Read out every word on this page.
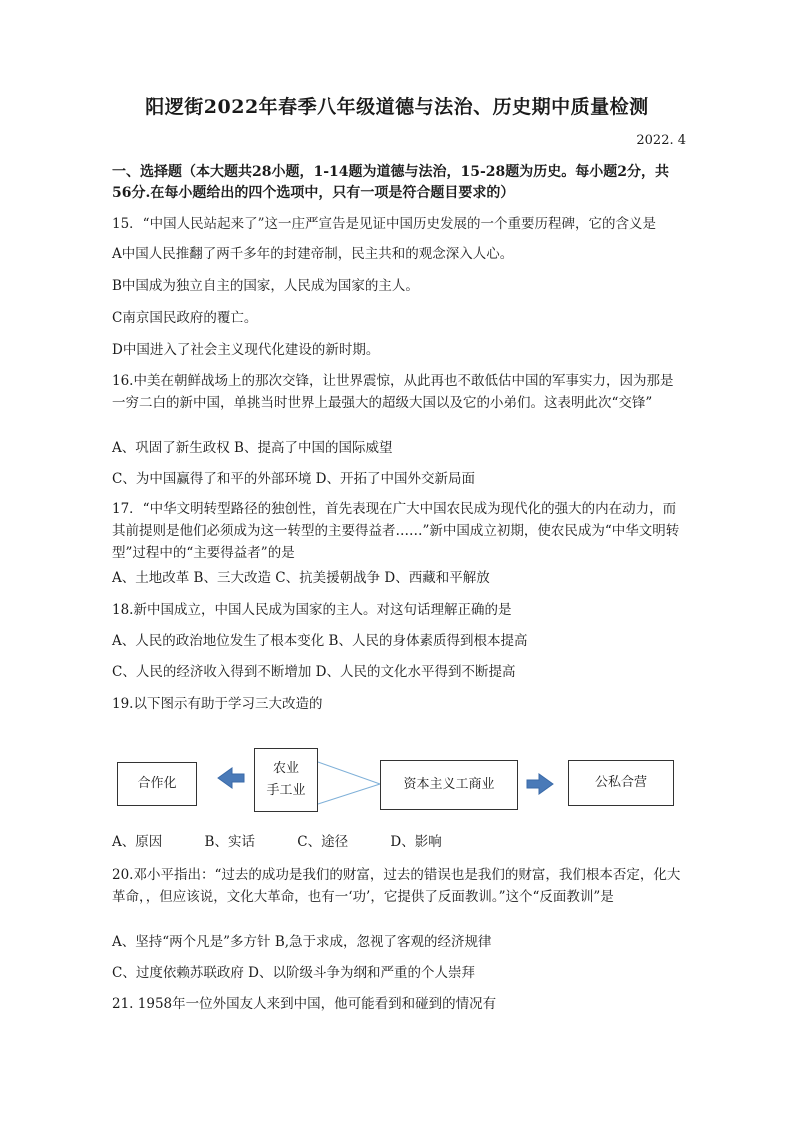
阳逻街2022年春季八年级道德与法治、历史期中质量检测
2022. 4
一、选择题（本大题共28小题，1-14题为道德与法治，15-28题为历史。每小题2分，共56分.在每小题给出的四个选项中，只有一项是符合题目要求的）
15．“中国人民站起来了”这一庄严宣告是见证中国历史发展的一个重要历程碑，它的含义是
A中国人民推翻了两千多年的封建帝制，民主共和的观念深入人心。
B中国成为独立自主的国家，人民成为国家的主人。
C南京国民政府的覆亡。
D中国进入了社会主义现代化建设的新时期。
16.中美在朝鲜战场上的那次交锋，让世界震惊，从此再也不敢低估中国的军事实力，因为那是一穷二白的新中国，单挑当时世界上最强大的超级大国以及它的小弟们。这表明此次“交锋”
A、巩固了新生政权 B、提高了中国的国际威望
C、为中国赢得了和平的外部环境 D、开拓了中国外交新局面
17．“中华文明转型路径的独创性，首先表现在广大中国农民成为现代化的强大的内在动力，而其前提则是他们必须成为这一转型的主要得益者……”新中国成立初期，使农民成为“中华文明转型”过程中的“主要得益者”的是
A、土地改革 B、三大改造 C、抗美援朝战争 D、西藏和平解放
18.新中国成立，中国人民成为国家的主人。对这句话理解正确的是
A、人民的政治地位发生了根本变化 B、人民的身体素质得到根本提高
C、人民的经济收入得到不断增加 D、人民的文化水平得到不断提高
19.以下图示有助于学习三大改造的
合作化
农业
手工业	资本主义工商业	公私合营
A、原因	B、实话	C、途径	D、影响
20.邓小平指出：“过去的成功是我们的财富，过去的错误也是我们的财富，我们根本否定，化大革命，，但应该说，文化大革命，也有一‘功’，它提供了反面教训。”这个“反面教训”是
A、坚持“两个凡是”多方针 B,急于求成，忽视了客观的经济规律
C、过度依赖苏联政府 D、以阶级斗争为纲和严重的个人崇拜
21. 1958年一位外国友人来到中国，他可能看到和碰到的情况有
